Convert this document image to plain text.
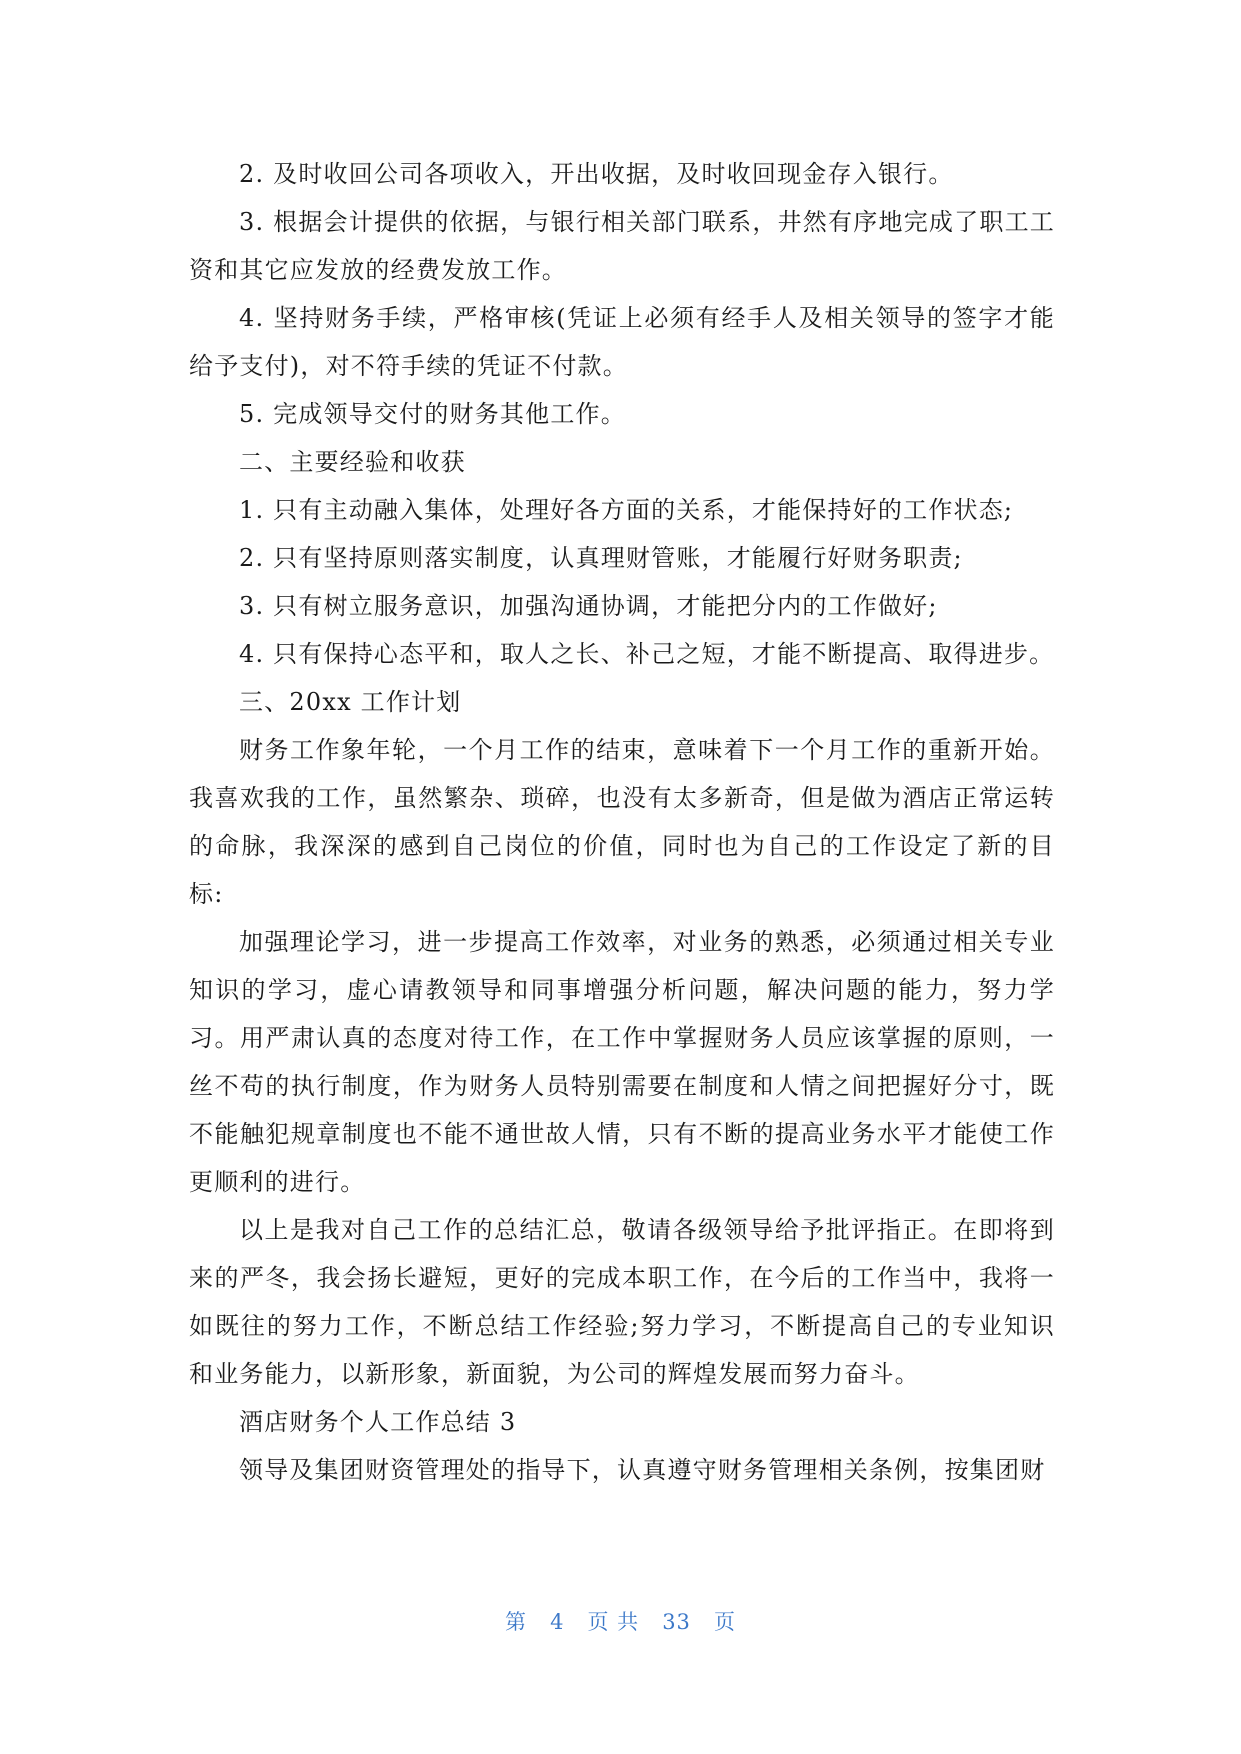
2. 及时收回公司各项收入，开出收据，及时收回现金存入银行。

3. 根据会计提供的依据，与银行相关部门联系，井然有序地完成了职工工资和其它应发放的经费发放工作。

4. 坚持财务手续，严格审核(凭证上必须有经手人及相关领导的签字才能给予支付)，对不符手续的凭证不付款。

5. 完成领导交付的财务其他工作。

二、主要经验和收获

1. 只有主动融入集体，处理好各方面的关系，才能保持好的工作状态;

2. 只有坚持原则落实制度，认真理财管账，才能履行好财务职责;

3. 只有树立服务意识，加强沟通协调，才能把分内的工作做好;

4. 只有保持心态平和，取人之长、补己之短，才能不断提高、取得进步。

三、20xx 工作计划

财务工作象年轮，一个月工作的结束，意味着下一个月工作的重新开始。我喜欢我的工作，虽然繁杂、琐碎，也没有太多新奇，但是做为酒店正常运转的命脉，我深深的感到自己岗位的价值，同时也为自己的工作设定了新的目标:

加强理论学习，进一步提高工作效率，对业务的熟悉，必须通过相关专业知识的学习，虚心请教领导和同事增强分析问题，解决问题的能力，努力学习。用严肃认真的态度对待工作，在工作中掌握财务人员应该掌握的原则，一丝不苟的执行制度，作为财务人员特别需要在制度和人情之间把握好分寸，既不能触犯规章制度也不能不通世故人情，只有不断的提高业务水平才能使工作更顺利的进行。

以上是我对自己工作的总结汇总，敬请各级领导给予批评指正。在即将到来的严冬，我会扬长避短，更好的完成本职工作，在今后的工作当中，我将一如既往的努力工作，不断总结工作经验;努力学习，不断提高自己的专业知识和业务能力，以新形象，新面貌，为公司的辉煌发展而努力奋斗。

酒店财务个人工作总结 3

领导及集团财资管理处的指导下，认真遵守财务管理相关条例，按集团财

第 4 页 共 33 页
